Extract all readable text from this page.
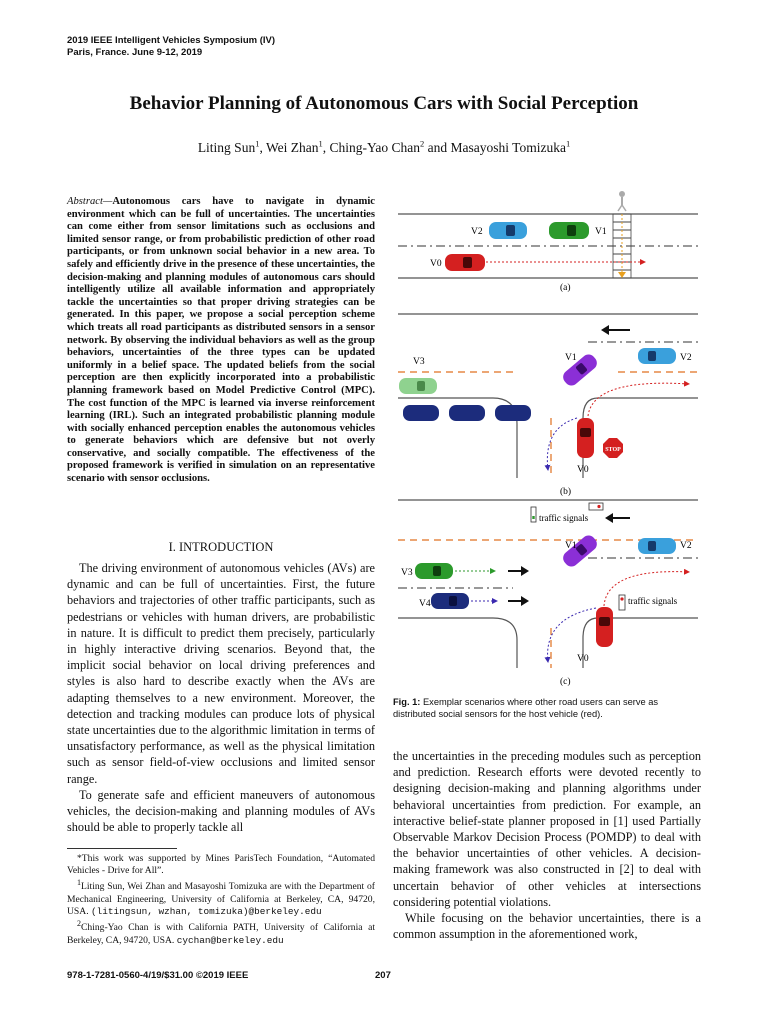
2019 IEEE Intelligent Vehicles Symposium (IV)
Paris, France. June 9-12, 2019
Behavior Planning of Autonomous Cars with Social Perception
Liting Sun$^1$, Wei Zhan$^1$, Ching-Yao Chan$^2$ and Masayoshi Tomizuka$^1$
Abstract—Autonomous cars have to navigate in dynamic environment which can be full of uncertainties. The uncertainties can come either from sensor limitations such as occlusions and limited sensor range, or from probabilistic prediction of other road participants, or from unknown social behavior in a new area. To safely and efficiently drive in the presence of these uncertainties, the decision-making and planning modules of autonomous cars should intelligently utilize all available information and appropriately tackle the uncertainties so that proper driving strategies can be generated. In this paper, we propose a social perception scheme which treats all road participants as distributed sensors in a sensor network. By observing the individual behaviors as well as the group behaviors, uncertainties of the three types can be updated uniformly in a belief space. The updated beliefs from the social perception are then explicitly incorporated into a probabilistic planning framework based on Model Predictive Control (MPC). The cost function of the MPC is learned via inverse reinforcement learning (IRL). Such an integrated probabilistic planning module with socially enhanced perception enables the autonomous vehicles to generate behaviors which are defensive but not overly conservative, and socially compatible. The effectiveness of the proposed framework is verified in simulation on an representative scenario with sensor occlusions.
I. INTRODUCTION

The driving environment of autonomous vehicles (AVs) are dynamic and can be full of uncertainties. First, the future behaviors and trajectories of other traffic participants, such as pedestrians or vehicles with human drivers, are probabilistic in nature. It is difficult to predict them precisely, particularly in highly interactive driving scenarios. Beyond that, the implicit social behavior on local driving preferences and styles is also hard to describe exactly when the AVs are adapting themselves to a new environment. Moreover, the detection and tracking modules can produce lots of physical state uncertainties due to the algorithmic limitation in terms of unsatisfactory performance, as well as the physical limitation such as sensor field-of-view occlusions and limited sensor range.

To generate safe and efficient maneuvers of autonomous vehicles, the decision-making and planning modules of AVs should be able to properly tackle all

*This work was supported by Mines ParisTech Foundation, “Automated Vehicles - Drive for All”.

$^1$Liting Sun, Wei Zhan and Masayoshi Tomizuka are with the Department of Mechanical Engineering, University of California at Berkeley, CA, 94720, USA. (litingsun, wzhan, tomizuka)@berkeley.edu

$^2$Ching-Yao Chan is with California PATH, University of California at Berkeley, CA, 94720, USA. cychan@berkeley.edu

V2	V1
V0
(a)
STOP
V3	V1	V2
V0
(b)
traffic signals
traffic signals
V3
V4
V1	V2
V0
(c)
Fig. 1: Exemplar scenarios where other road users can serve as distributed social sensors for the host vehicle (red).

the uncertainties in the preceding modules such as perception and prediction. Research efforts were devoted recently to designing decision-making and planning algorithms under behavioral uncertainties from prediction. For example, an interactive belief-state planner proposed in [1] used Partially Observable Markov Decision Process (POMDP) to deal with the behavior uncertainties of other vehicles. A decision-making framework was also constructed in [2] to deal with uncertain behavior of other vehicles at intersections considering potential violations.

While focusing on the behavior uncertainties, there is a common assumption in the aforementioned work,

978-1-7281-0560-4/19/$31.00 ©2019 IEEE	207
